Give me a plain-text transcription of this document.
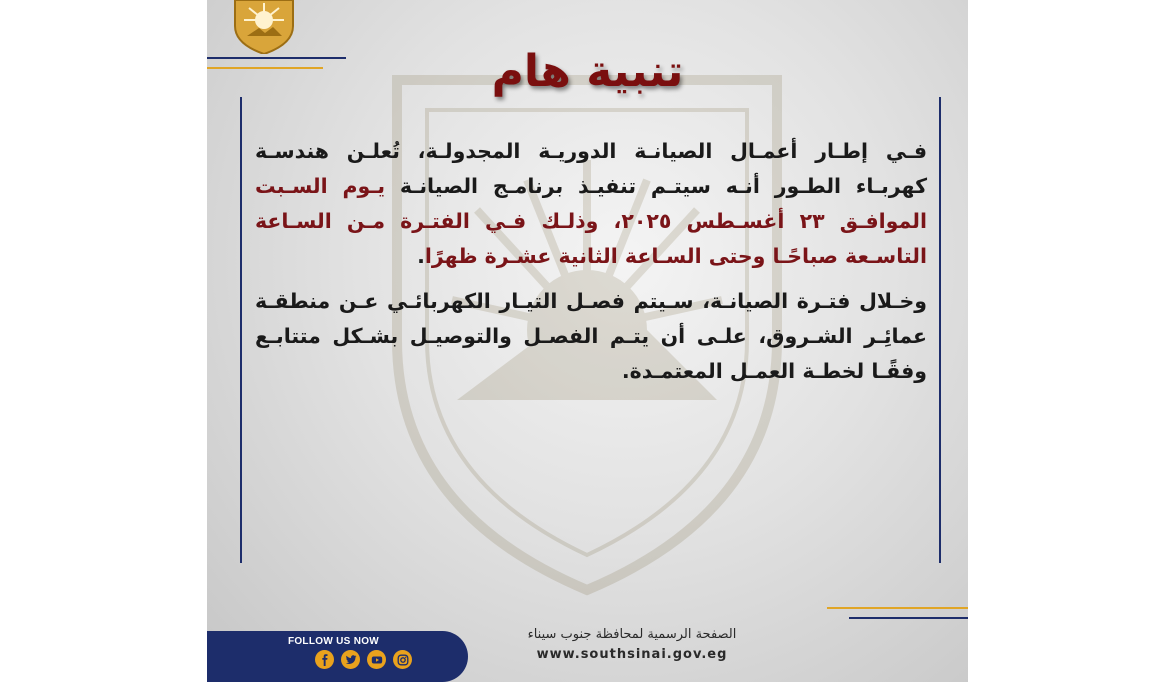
تنبية هام
فـي إطـار أعمـال الصيانـة الدوريـة المجدولـة، تُعلـن هندسـة كهربـاء الطـور أنـه سيتـم تنفيـذ برنامـج الصيانـة يـوم السـبت الموافـق ٢٣ أغسـطس ٢٠٢٥، وذلـك فـي الفتـرة مـن السـاعة التاسـعة صباحًـا وحتى السـاعة الثانية عشـرة ظهرًا.
وخـلال فتـرة الصيانـة، سـيتم فصـل التيـار الكهربائـي عـن منطقـة عمائِـر الشـروق، علـى أن يتـم الفصـل والتوصيـل بشـكل متتابـع وفقًـا لخطـة العمـل المعتمـدة.
FOLLOW US NOW	الصفحة الرسمية لمحافظة جنوب سيناء
www.southsinai.gov.eg
